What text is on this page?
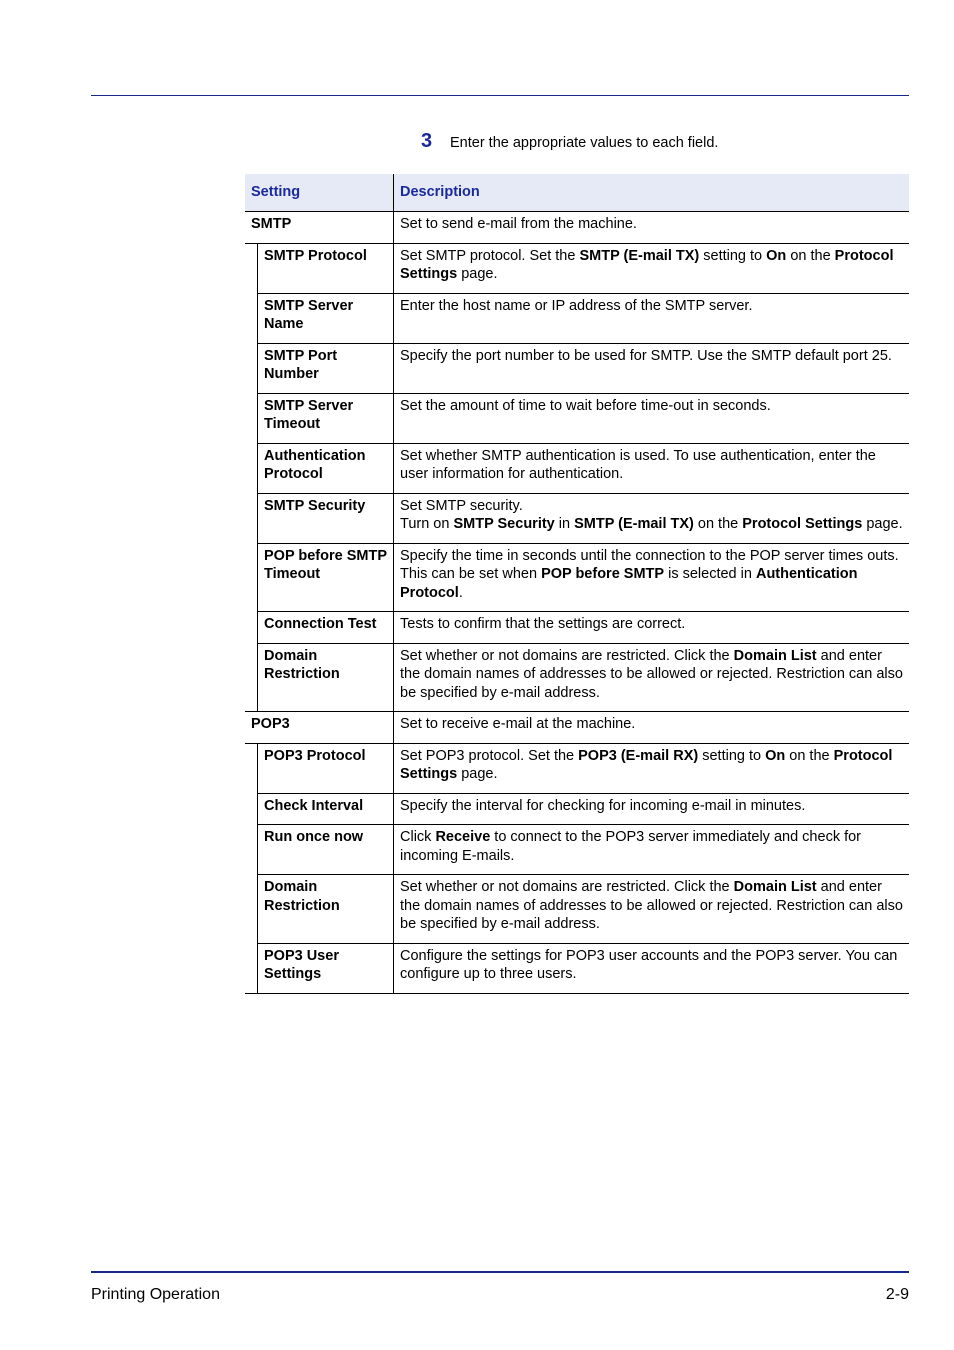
3	Enter the appropriate values to each field.
Setting		Description
SMTP		Set to send e-mail from the machine.
	SMTP Protocol	Set SMTP protocol. Set the SMTP (E-mail TX) setting to On on the Protocol Settings page.
	SMTP Server Name	Enter the host name or IP address of the SMTP server.
	SMTP Port Number	Specify the port number to be used for SMTP. Use the SMTP default port 25.
	SMTP Server Timeout	Set the amount of time to wait before time-out in seconds.
	Authentication Protocol	Set whether SMTP authentication is used. To use authentication, enter the user information for authentication.
	SMTP Security	Set SMTP security.
Turn on SMTP Security in SMTP (E-mail TX) on the Protocol Settings page.
	POP before SMTP Timeout	Specify the time in seconds until the connection to the POP server times outs. This can be set when POP before SMTP is selected in Authentication Protocol.
	Connection Test	Tests to confirm that the settings are correct.
	Domain Restriction	Set whether or not domains are restricted. Click the Domain List and enter the domain names of addresses to be allowed or rejected. Restriction can also be specified by e-mail address.
POP3		Set to receive e-mail at the machine.
	POP3 Protocol	Set POP3 protocol. Set the POP3 (E-mail RX) setting to On on the Protocol Settings page.
	Check Interval	Specify the interval for checking for incoming e-mail in minutes.
	Run once now	Click Receive to connect to the POP3 server immediately and check for incoming E-mails.
	Domain Restriction	Set whether or not domains are restricted. Click the Domain List and enter the domain names of addresses to be allowed or rejected. Restriction can also be specified by e-mail address.
	POP3 User Settings	Configure the settings for POP3 user accounts and the POP3 server. You can configure up to three users.
Printing Operation	2-9
